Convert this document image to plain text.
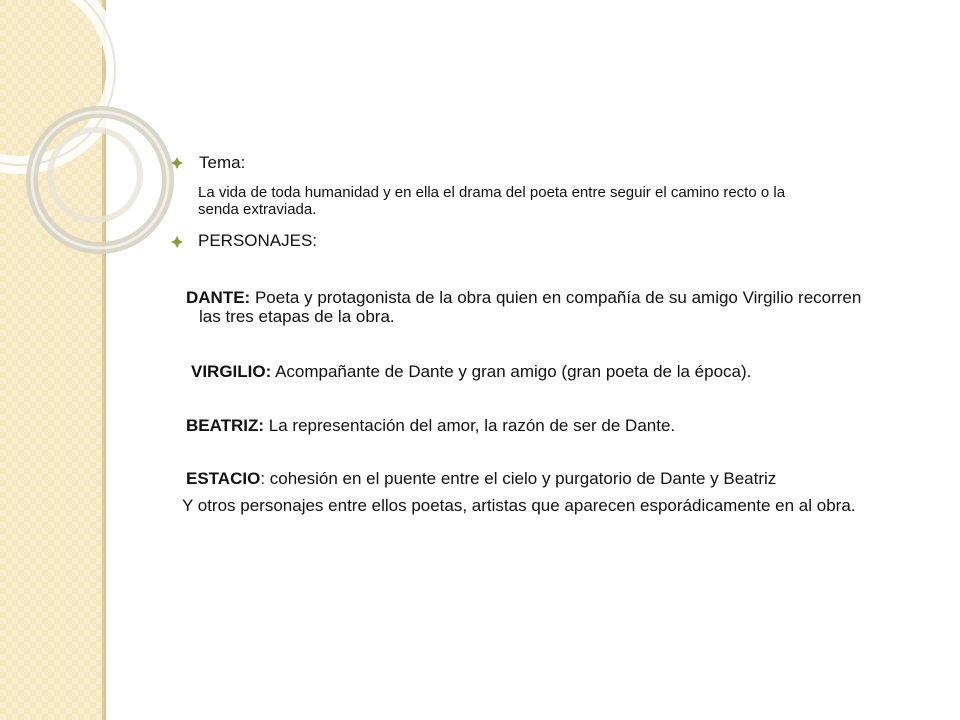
Tema:
La vida de toda humanidad y en ella el drama del poeta entre seguir el camino recto o la
senda extraviada.
PERSONAJES:
DANTE: Poeta y protagonista de la obra quien en compañía de su amigo Virgilio recorren
las tres etapas de la obra.
VIRGILIO: Acompañante de Dante y gran amigo (gran poeta de la época).
BEATRIZ: La representación del amor, la razón de ser de Dante.
ESTACIO: cohesión en el puente entre el cielo y purgatorio de Dante y Beatriz
Y otros personajes entre ellos poetas, artistas que aparecen esporádicamente en al obra.
